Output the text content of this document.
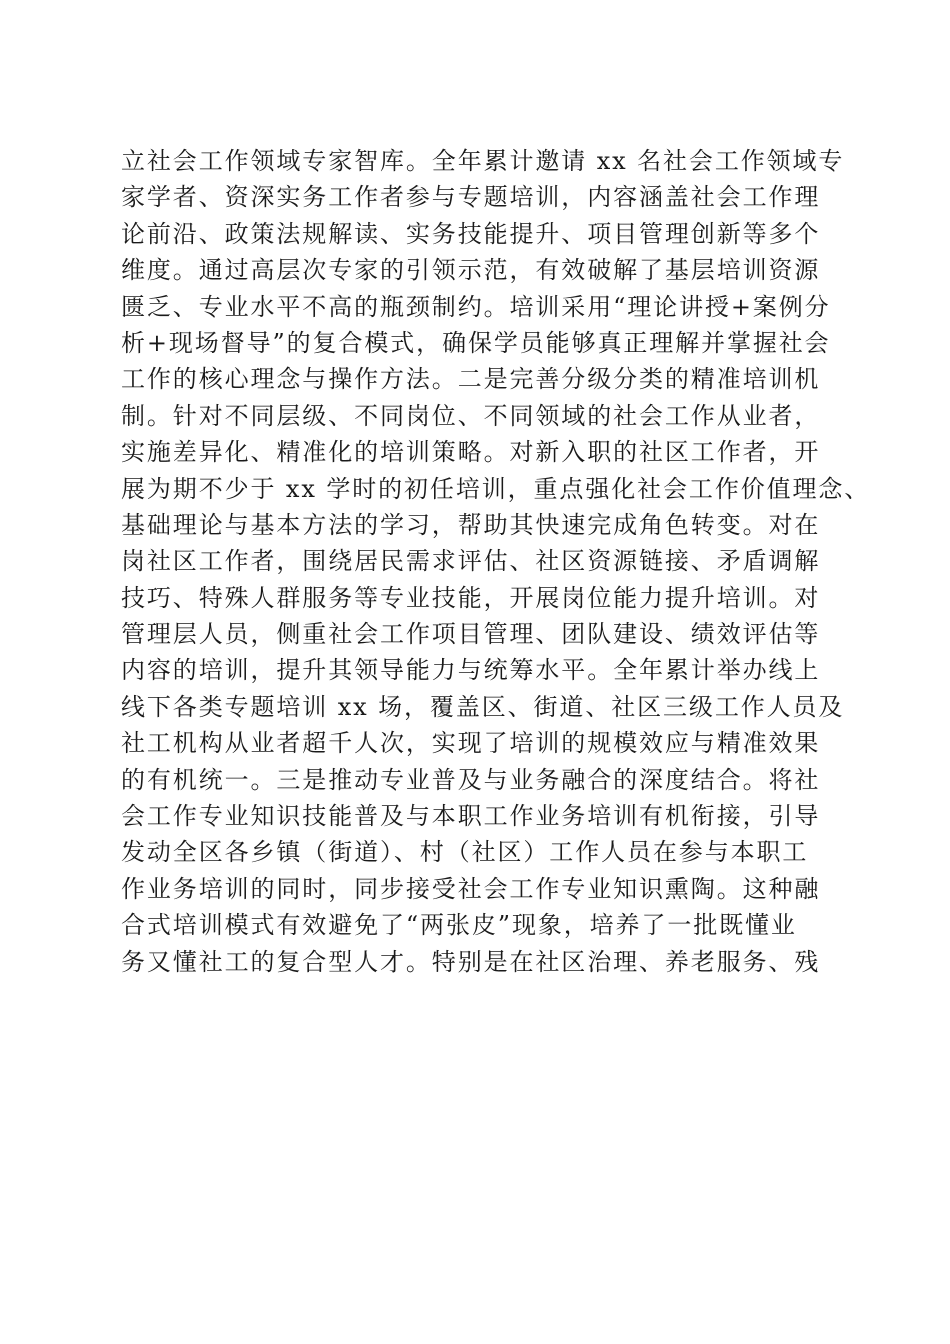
立社会工作领域专家智库。全年累计邀请 xx 名社会工作领域专
家学者、资深实务工作者参与专题培训，内容涵盖社会工作理
论前沿、政策法规解读、实务技能提升、项目管理创新等多个
维度。通过高层次专家的引领示范，有效破解了基层培训资源
匮乏、专业水平不高的瓶颈制约。培训采用“理论讲授+案例分
析+现场督导”的复合模式，确保学员能够真正理解并掌握社会
工作的核心理念与操作方法。二是完善分级分类的精准培训机
制。针对不同层级、不同岗位、不同领域的社会工作从业者，
实施差异化、精准化的培训策略。对新入职的社区工作者，开
展为期不少于 xx 学时的初任培训，重点强化社会工作价值理念、
基础理论与基本方法的学习，帮助其快速完成角色转变。对在
岗社区工作者，围绕居民需求评估、社区资源链接、矛盾调解
技巧、特殊人群服务等专业技能，开展岗位能力提升培训。对
管理层人员，侧重社会工作项目管理、团队建设、绩效评估等
内容的培训，提升其领导能力与统筹水平。全年累计举办线上
线下各类专题培训 xx 场，覆盖区、街道、社区三级工作人员及
社工机构从业者超千人次，实现了培训的规模效应与精准效果
的有机统一。三是推动专业普及与业务融合的深度结合。将社
会工作专业知识技能普及与本职工作业务培训有机衔接，引导
发动全区各乡镇（街道）、村（社区）工作人员在参与本职工
作业务培训的同时，同步接受社会工作专业知识熏陶。这种融
合式培训模式有效避免了“两张皮”现象，培养了一批既懂业
务又懂社工的复合型人才。特别是在社区治理、养老服务、残
